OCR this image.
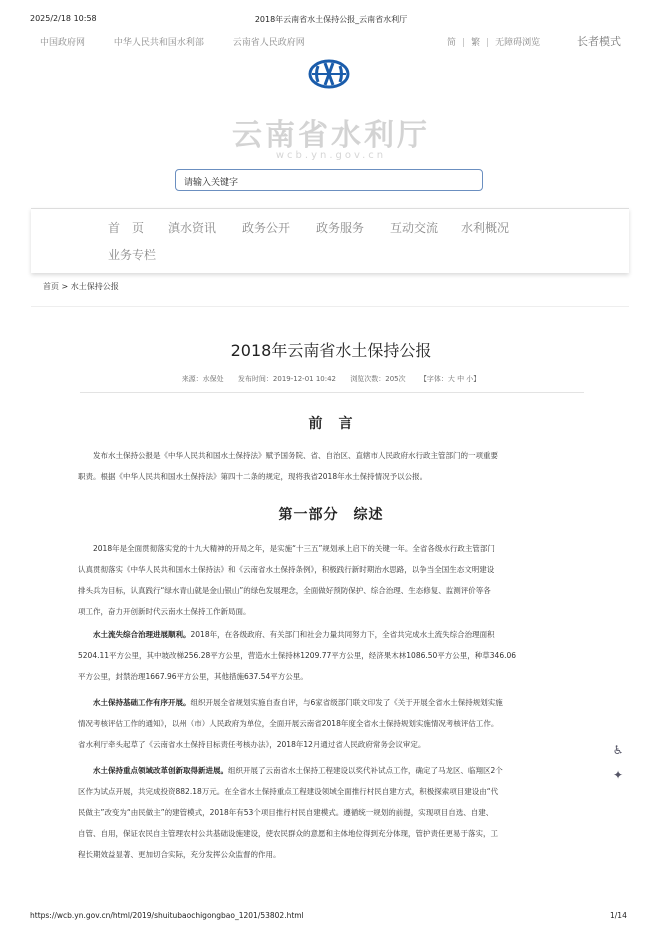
2025/2/18 10:58	2018年云南省水土保持公报_云南省水利厅
中国政府网	中华人民共和国水利部	云南省人民政府网	简 | 繁 | 无障碍浏览	长者模式
云南省水利厅
wcb.yn.gov.cn
请输入关键字
首　页 滇水资讯 政务公开 政务服务 互动交流 水利概况
业务专栏
首页 > 水土保持公报
2018年云南省水土保持公报
来源：水保处 发布时间：2019-12-01 10:42 浏览次数：205次 【字体：大 中 小】
前　言
发布水土保持公报是《中华人民共和国水土保持法》赋予国务院、省、自治区、直辖市人民政府水行政主管部门的一项重要
职责。根据《中华人民共和国水土保持法》第四十二条的规定，现将我省2018年水土保持情况予以公报。
第一部分　综述
2018年是全面贯彻落实党的十九大精神的开局之年，是实施“十三五”规划承上启下的关键一年。全省各级水行政主管部门
认真贯彻落实《中华人民共和国水土保持法》和《云南省水土保持条例》，积极践行新时期治水思路，以争当全国生态文明建设
排头兵为目标，认真践行“绿水青山就是金山银山”的绿色发展理念，全面做好预防保护、综合治理、生态修复、监测评价等各
项工作，奋力开创新时代云南水土保持工作新局面。
水土流失综合治理进展顺利。2018年，在各级政府、有关部门和社会力量共同努力下，全省共完成水土流失综合治理面积
5204.11平方公里，其中坡改梯256.28平方公里，营造水土保持林1209.77平方公里，经济果木林1086.50平方公里，种草346.06
平方公里，封禁治理1667.96平方公里，其他措施637.54平方公里。
水土保持基础工作有序开展。组织开展全省规划实施自查自评，与6家省级部门联文印发了《关于开展全省水土保持规划实施
情况考核评估工作的通知》，以州（市）人民政府为单位，全面开展云南省2018年度全省水土保持规划实施情况考核评估工作。
省水利厅牵头起草了《云南省水土保持目标责任考核办法》，2018年12月通过省人民政府常务会议审定。
水土保持重点领域改革创新取得新进展。组织开展了云南省水土保持工程建设以奖代补试点工作，确定了马龙区、临翔区2个
区作为试点开展，共完成投资882.18万元。在全省水土保持重点工程建设领域全面推行村民自建方式，积极探索项目建设由“代
民做主”改变为“由民做主”的建管模式，2018年有53个项目推行村民自建模式。遵循统一规划的前提，实现项目自选、自建、
自管、自用，保证农民自主管理农村公共基础设施建设，使农民群众的意愿和主体地位得到充分体现，管护责任更易于落实，工
程长期效益显著、更加切合实际，充分发挥公众监督的作用。
♿
✦
https://wcb.yn.gov.cn/html/2019/shuitubaochigongbao_1201/53802.html	1/14
